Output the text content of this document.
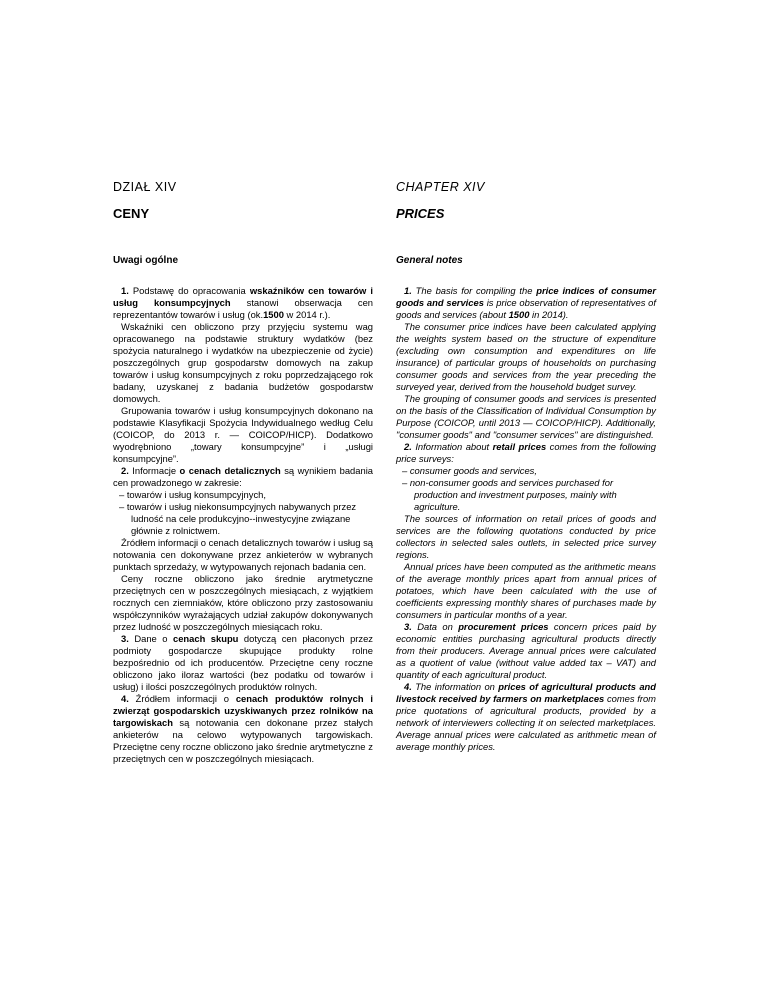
DZIAŁ XIV
CENY
Uwagi ogólne

1. Podstawę do opracowania wskaźników cen towarów i usług konsumpcyjnych stanowi obserwacja cen reprezentantów towarów i usług (ok.1500 w 2014 r.).

Wskaźniki cen obliczono przy przyjęciu systemu wag opracowanego na podstawie struktury wydatków (bez spożycia naturalnego i wydatków na ubezpieczenie od życie) poszczególnych grup gospodarstw domowych na zakup towarów i usług konsumpcyjnych z roku poprzedzającego rok badany, uzyskanej z badania budżetów gospodarstw domowych.

Grupowania towarów i usług konsumpcyjnych dokonano na podstawie Klasyfikacji Spożycia Indywidualnego według Celu (COICOP, do 2013 r. — COICOP/HICP). Dodatkowo wyodrębniono „towary konsumpcyjne” i „usługi konsumpcyjne”.

2. Informacje o cenach detalicznych są wynikiem badania cen prowadzonego w zakresie:

– towarów i usług konsumpcyjnych,

– towarów i usług niekonsumpcyjnych nabywanych przez ludność na cele produkcyjno--inwestycyjne związane głównie z rolnictwem.

Źródłem informacji o cenach detalicznych towarów i usług są notowania cen dokonywane przez ankieterów w wybranych punktach sprzedaży, w wytypowanych rejonach badania cen.

Ceny roczne obliczono jako średnie arytmetyczne przeciętnych cen w poszczególnych miesiącach, z wyjątkiem rocznych cen ziemniaków, które obliczono przy zastosowaniu współczynników wyrażających udział zakupów dokonywanych przez ludność w poszczególnych miesiącach roku.

3. Dane o cenach skupu dotyczą cen płaconych przez podmioty gospodarcze skupujące produkty rolne bezpośrednio od ich producentów. Przeciętne ceny roczne obliczono jako iloraz wartości (bez podatku od towarów i usług) i ilości poszczególnych produktów rolnych.

4. Źródłem informacji o cenach produktów rolnych i zwierząt gospodarskich uzyskiwanych przez rolników na targowiskach są notowania cen dokonane przez stałych ankieterów na celowo wytypowanych targowiskach. Przeciętne ceny roczne obliczono jako średnie arytmetyczne z przeciętnych cen w poszczególnych miesiącach.

CHAPTER XIV
PRICES
General notes

1. The basis for compiling the price indices of consumer goods and services is price observation of representatives of goods and services (about 1500 in 2014).

The consumer price indices have been calculated applying the weights system based on the structure of expenditure (excluding own consumption and expenditures on life insurance) of particular groups of households on purchasing consumer goods and services from the year preceding the surveyed year, derived from the household budget survey.

The grouping of consumer goods and services is presented on the basis of the Classification of Individual Consumption by Purpose (COICOP, until 2013 — COICOP/HICP). Additionally, "consumer goods" and "consumer services" are distinguished.

2. Information about retail prices comes from the following price surveys:

– consumer goods and services,

– non-consumer goods and services purchased for production and investment purposes, mainly with agriculture.

The sources of information on retail prices of goods and services are the following quotations conducted by price collectors in selected sales outlets, in selected price survey regions.

Annual prices have been computed as the arithmetic means of the average monthly prices apart from annual prices of potatoes, which have been calculated with the use of coefficients expressing monthly shares of purchases made by consumers in particular months of a year.

3. Data on procurement prices concern prices paid by economic entities purchasing agricultural products directly from their producers. Average annual prices were calculated as a quotient of value (without value added tax – VAT) and quantity of each agricultural product.

4. The information on prices of agricultural products and livestock received by farmers on marketplaces comes from price quotations of agricultural products, provided by a network of interviewers collecting it on selected marketplaces. Average annual prices were calculated as arithmetic mean of average monthly prices.
